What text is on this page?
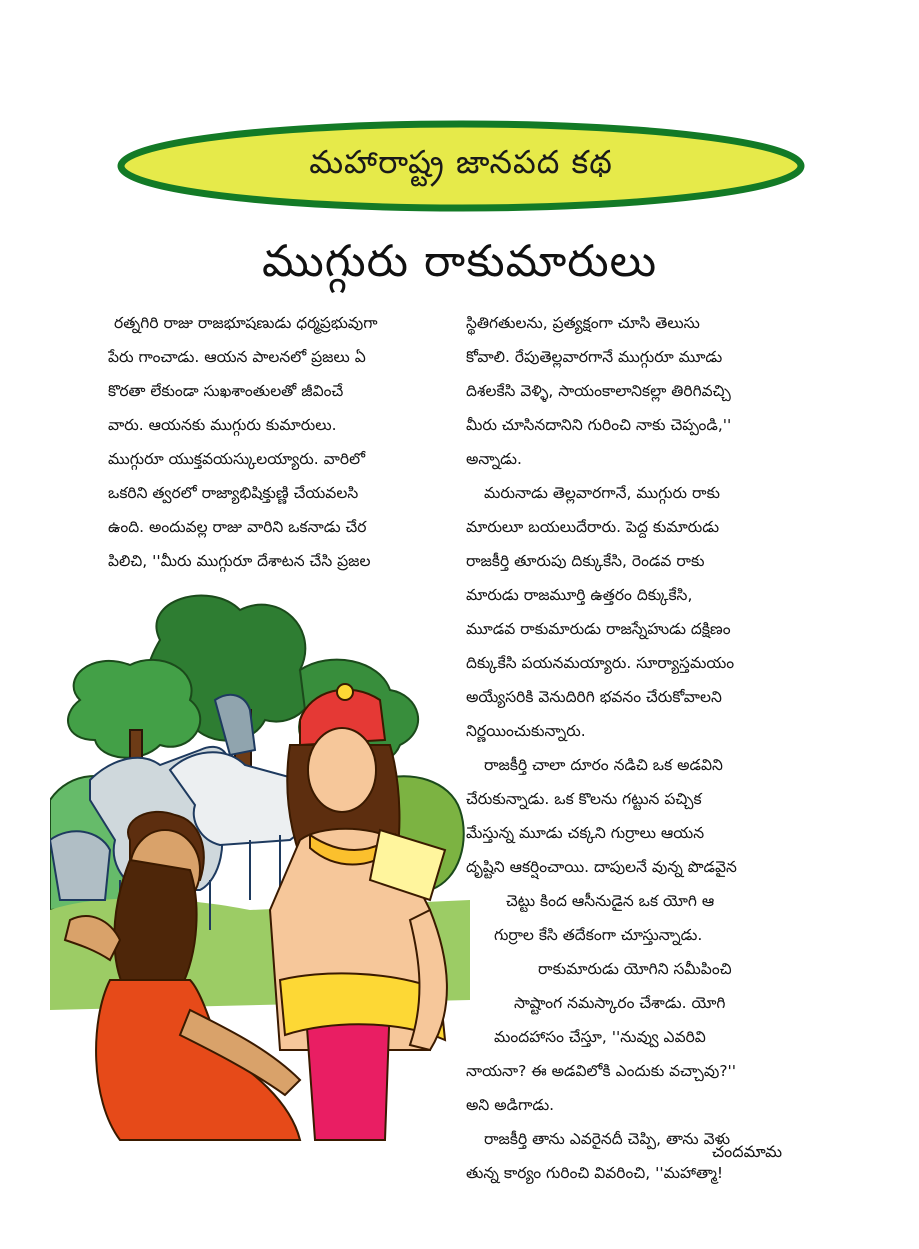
మహారాష్ట్ర జానపద కథ
ముగ్గురు రాకుమారులు
రత్నగిరి రాజు రాజభూషణుడు ధర్మప్రభువుగా
పేరు గాంచాడు. ఆయన పాలనలో ప్రజలు ఏ
కొరతా లేకుండా సుఖశాంతులతో జీవించే
వారు. ఆయనకు ముగ్గురు కుమారులు.
ముగ్గురూ యుక్తవయస్కులయ్యారు. వారిలో
ఒకరిని త్వరలో రాజ్యాభిషిక్తుణ్ణి చేయవలసి
ఉంది. అందువల్ల రాజు వారిని ఒకనాడు చేర
పిలిచి, ''మీరు ముగ్గురూ దేశాటన చేసి ప్రజల
స్థితిగతులను, ప్రత్యక్షంగా చూసి తెలుసు
కోవాలి. రేపుతెల్లవారగానే ముగ్గురూ మూడు
దిశలకేసి వెళ్ళి, సాయంకాలానికల్లా తిరిగివచ్చి
మీరు చూసినదానిని గురించి నాకు చెప్పండి,''
అన్నాడు.
మరునాడు తెల్లవారగానే, ముగ్గురు రాకు
మారులూ బయలుదేరారు. పెద్ద కుమారుడు
రాజకీర్తి తూరుపు దిక్కుకేసి, రెండవ రాకు
మారుడు రాజమూర్తి ఉత్తరం దిక్కుకేసి,
మూడవ రాకుమారుడు రాజస్నేహుడు దక్షిణం
దిక్కుకేసి పయనమయ్యారు. సూర్యాస్తమయం
అయ్యేసరికి వెనుదిరిగి భవనం చేరుకోవాలని
నిర్ణయించుకున్నారు.
రాజకీర్తి చాలా దూరం నడిచి ఒక అడవిని
చేరుకున్నాడు. ఒక కొలను గట్టున పచ్చిక
మేస్తున్న మూడు చక్కని గుర్రాలు ఆయన
దృష్టిని ఆకర్షించాయి. దాపులనే వున్న పొడవైన
చెట్టు కింద ఆసీనుడైన ఒక యోగి ఆ
గుర్రాల కేసి తదేకంగా చూస్తున్నాడు.
రాకుమారుడు యోగిని సమీపించి
సాష్టాంగ నమస్కారం చేశాడు. యోగి
మందహాసం చేస్తూ, ''నువ్వు ఎవరివి
నాయనా? ఈ అడవిలోకి ఎందుకు వచ్చావు?''
అని అడిగాడు.
రాజకీర్తి తాను ఎవరైనదీ చెప్పి, తాను వెళు
తున్న కార్యం గురించి వివరించి, ''మహాత్మా!
చందమామ
